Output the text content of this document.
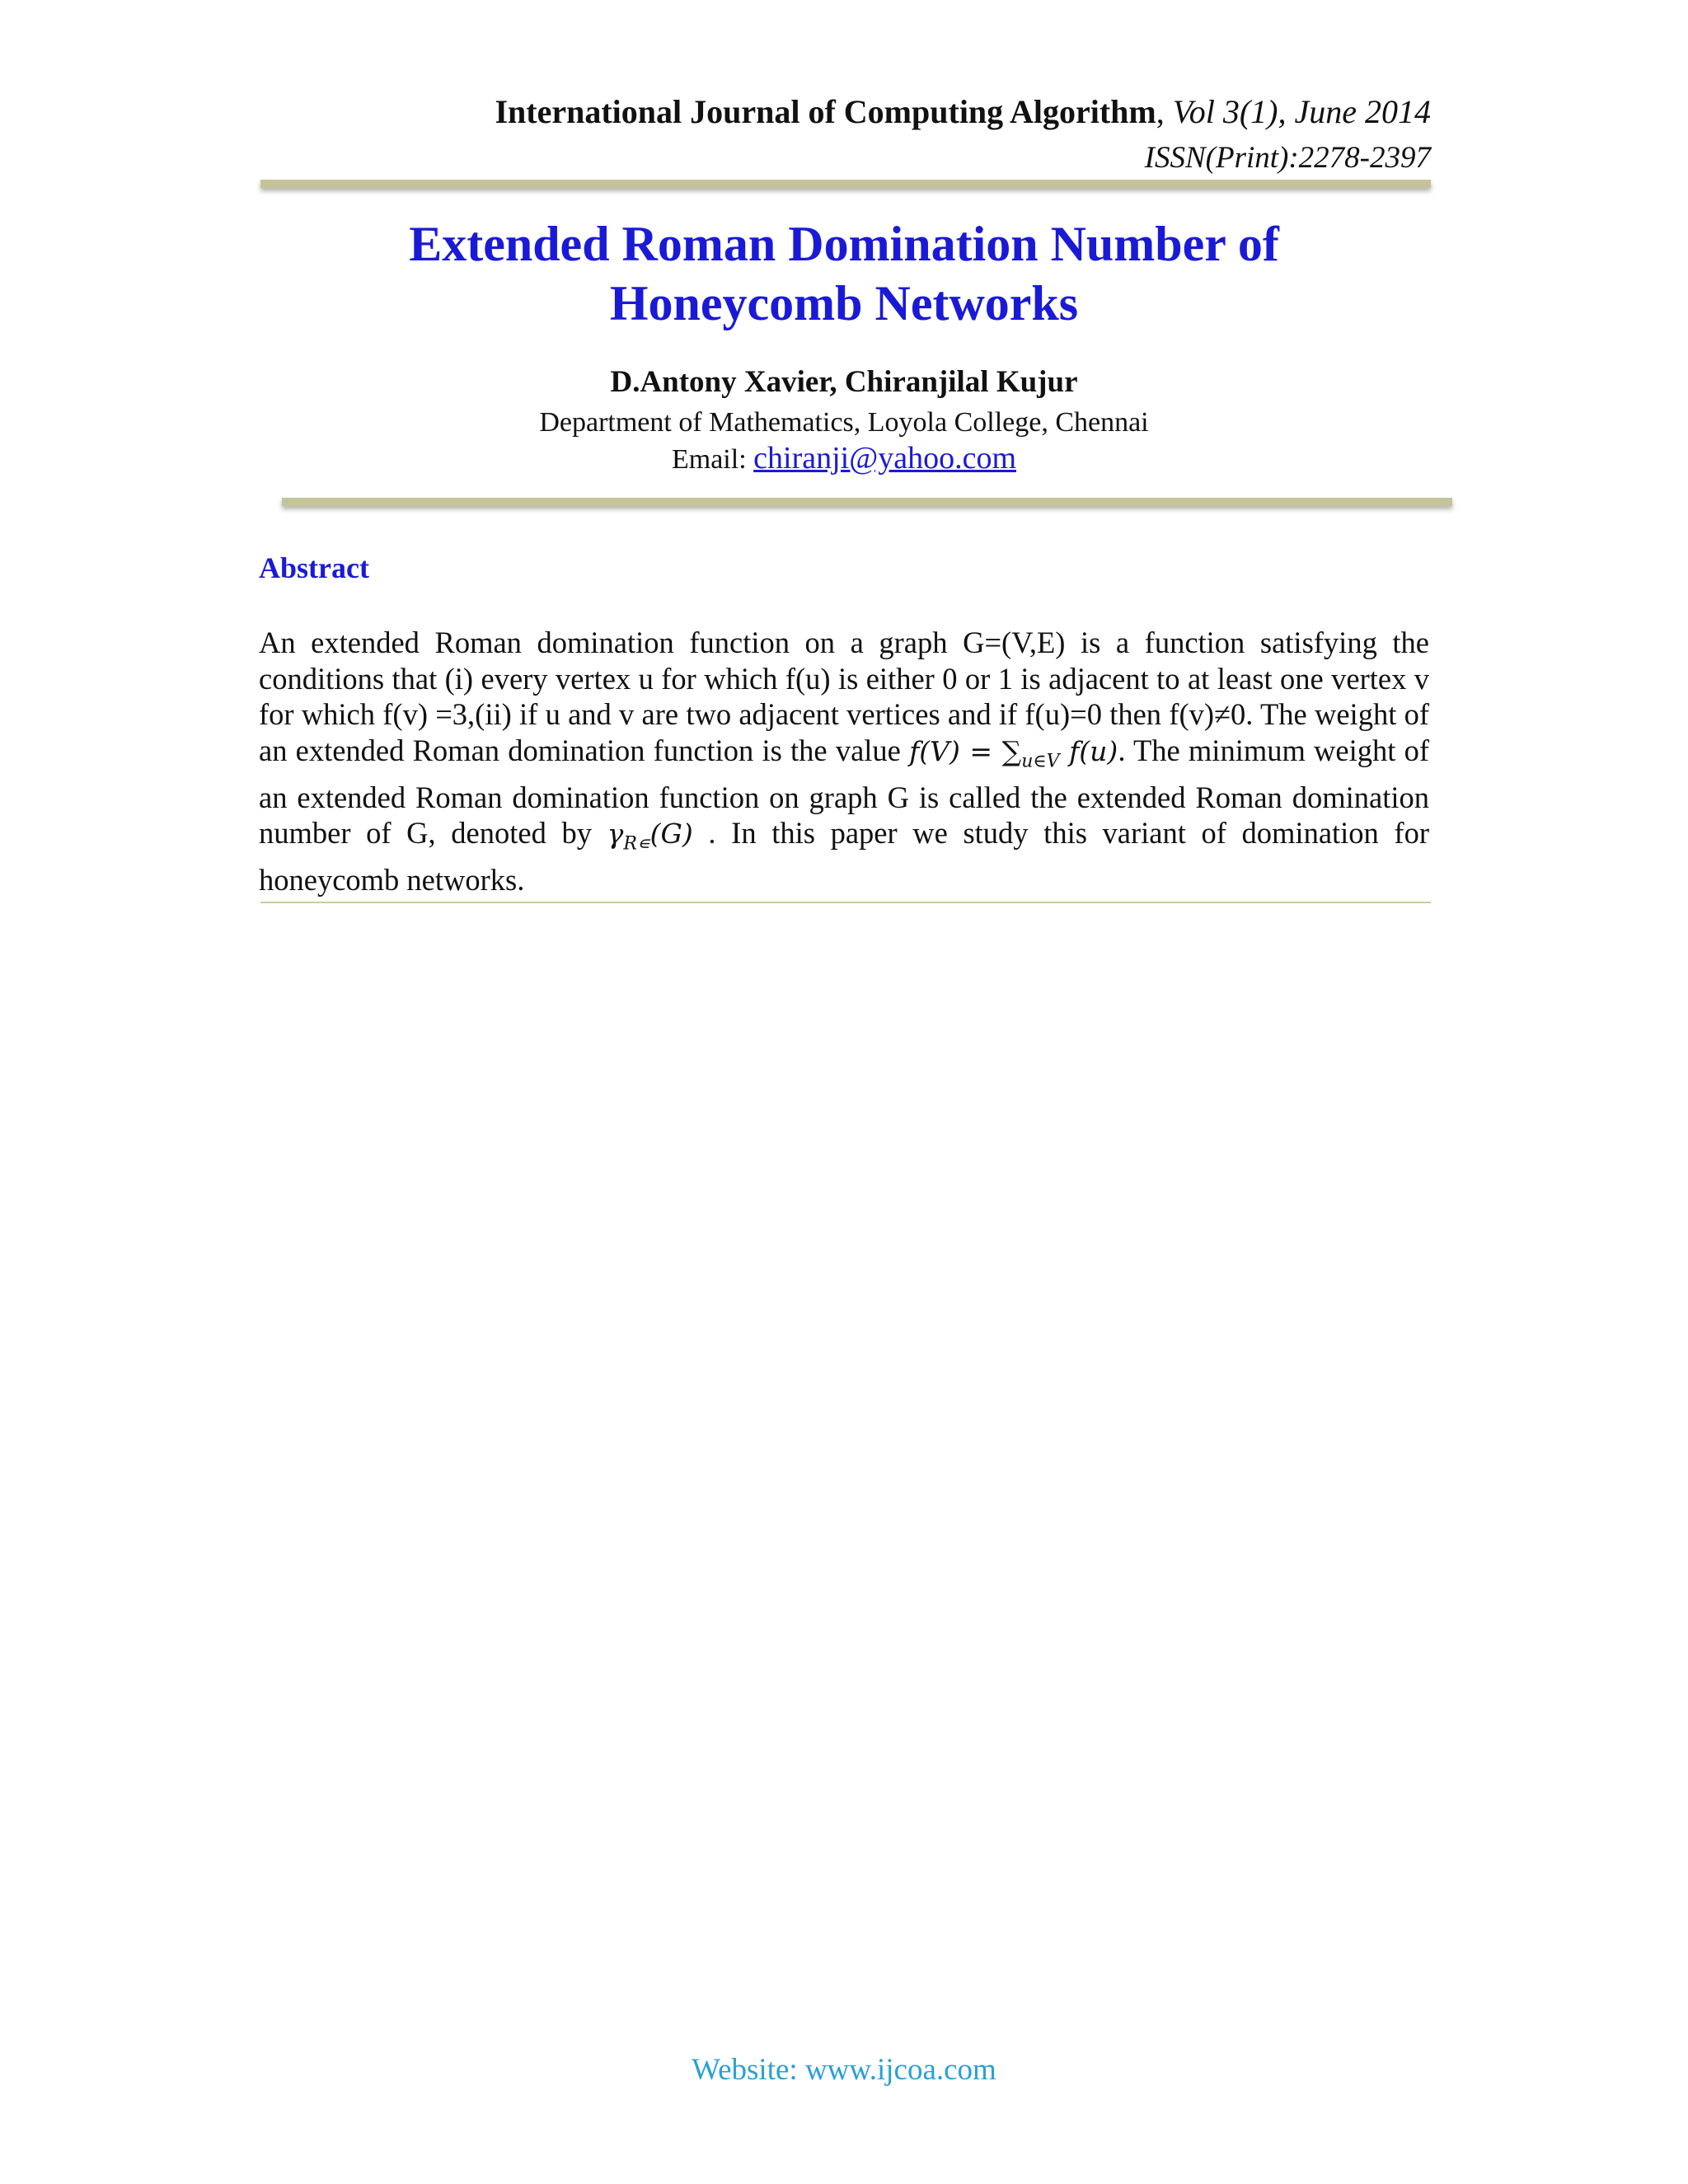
International Journal of Computing Algorithm, Vol 3(1), June 2014
ISSN(Print):2278-2397
Extended Roman Domination Number of
Honeycomb Networks
D.Antony Xavier, Chiranjilal Kujur
Department of Mathematics, Loyola College, Chennai
Email: chiranji@yahoo.com
Abstract
An extended Roman domination function on a graph G=(V,E) is a function satisfying the conditions that (i) every vertex u for which f(u) is either 0 or 1 is adjacent to at least one vertex v for which f(v) =3,(ii) if u and v are two adjacent vertices and if f(u)=0 then f(v)≠0. The weight of an extended Roman domination function is the value $f(V) = \sum_{u\in V}$ f(u). The minimum weight of an extended Roman domination function on graph G is called the extended Roman domination number of G, denoted by $\gamma_{R∊}(G)$ . In this paper we study this variant of domination for honeycomb networks.
Website: www.ijcoa.com
